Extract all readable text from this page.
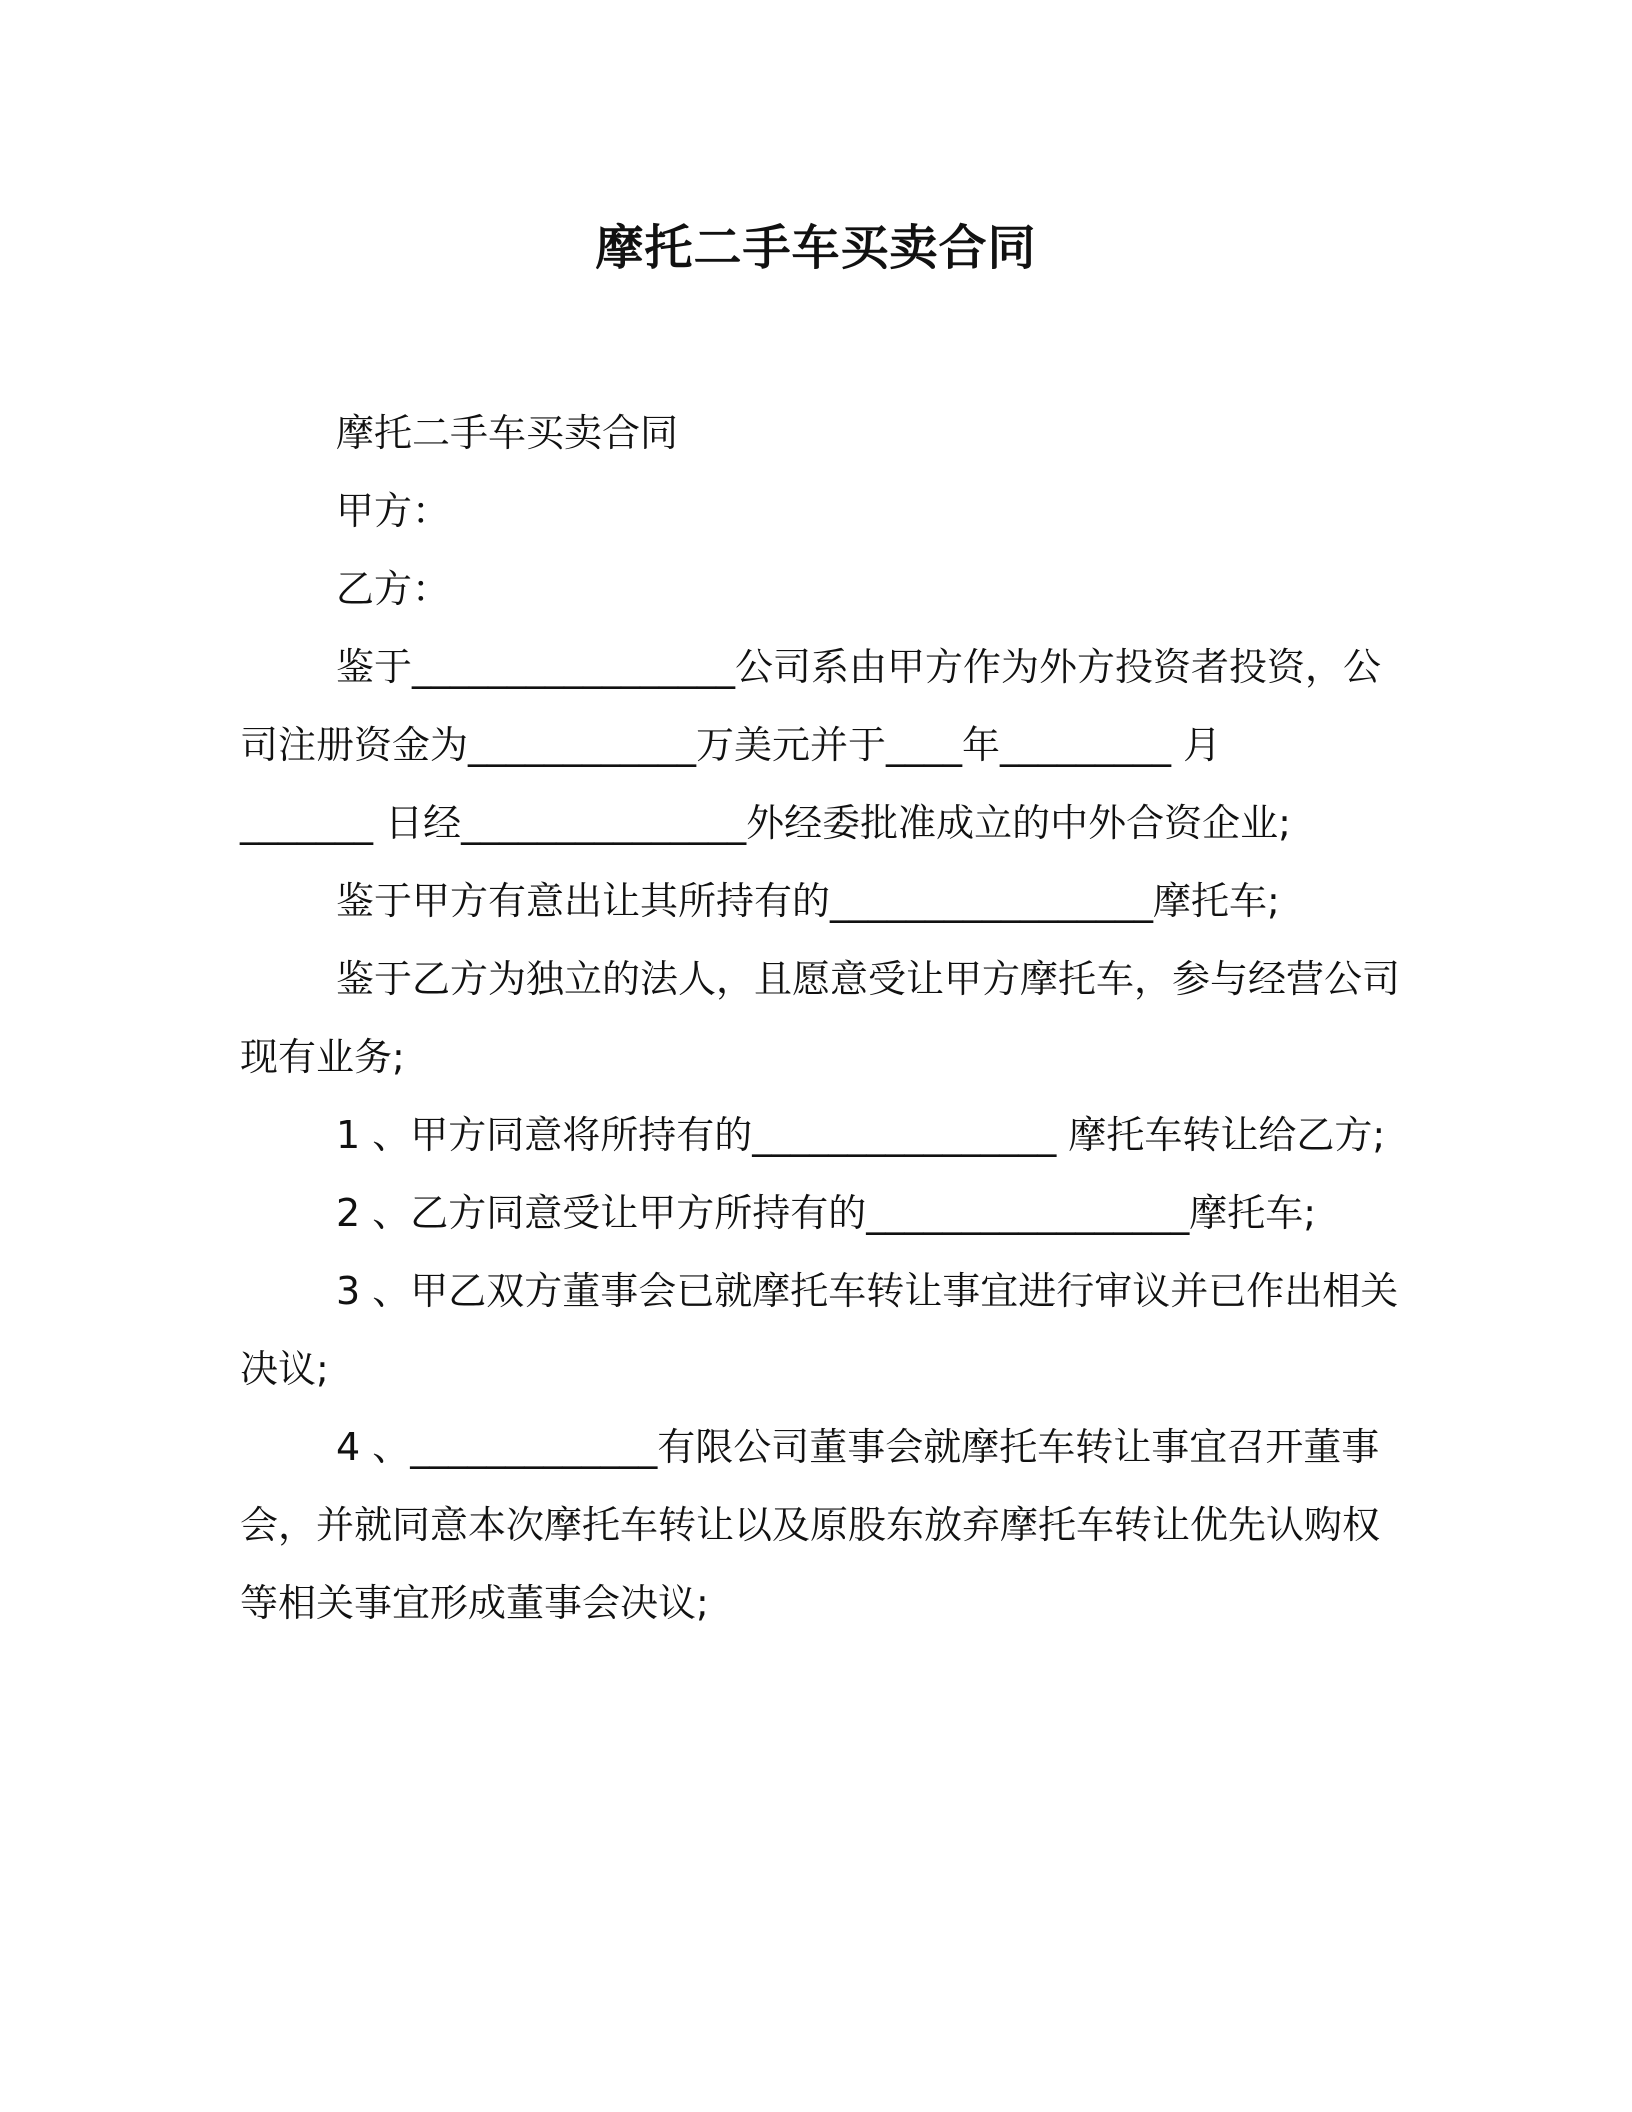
摩托二手车买卖合同
摩托二手车买卖合同
甲方：
乙方：
鉴于_________________公司系由甲方作为外方投资者投资，公
司注册资金为____________万美元并于____年_________ 月
_______ 日经_______________外经委批准成立的中外合资企业;
鉴于甲方有意出让其所持有的_________________摩托车;
鉴于乙方为独立的法人，且愿意受让甲方摩托车，参与经营公司
现有业务;
1 、甲方同意将所持有的________________ 摩托车转让给乙方;
2 、乙方同意受让甲方所持有的_________________摩托车;
3 、甲乙双方董事会已就摩托车转让事宜进行审议并已作出相关
决议;
4 、_____________有限公司董事会就摩托车转让事宜召开董事
会，并就同意本次摩托车转让以及原股东放弃摩托车转让优先认购权
等相关事宜形成董事会决议;
